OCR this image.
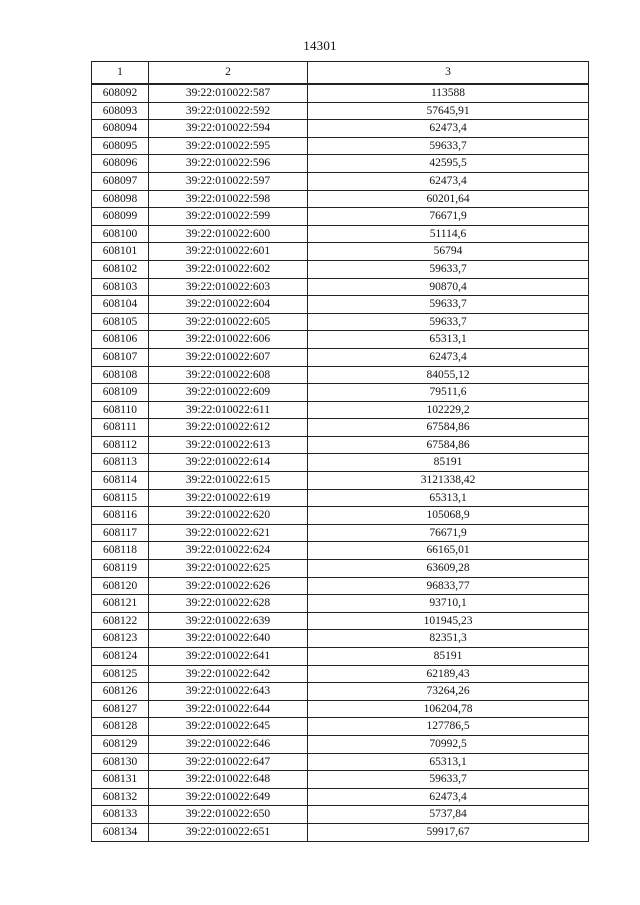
14301
1	2	3
608092	39:22:010022:587	113588
608093	39:22:010022:592	57645,91
608094	39:22:010022:594	62473,4
608095	39:22:010022:595	59633,7
608096	39:22:010022:596	42595,5
608097	39:22:010022:597	62473,4
608098	39:22:010022:598	60201,64
608099	39:22:010022:599	76671,9
608100	39:22:010022:600	51114,6
608101	39:22:010022:601	56794
608102	39:22:010022:602	59633,7
608103	39:22:010022:603	90870,4
608104	39:22:010022:604	59633,7
608105	39:22:010022:605	59633,7
608106	39:22:010022:606	65313,1
608107	39:22:010022:607	62473,4
608108	39:22:010022:608	84055,12
608109	39:22:010022:609	79511,6
608110	39:22:010022:611	102229,2
608111	39:22:010022:612	67584,86
608112	39:22:010022:613	67584,86
608113	39:22:010022:614	85191
608114	39:22:010022:615	3121338,42
608115	39:22:010022:619	65313,1
608116	39:22:010022:620	105068,9
608117	39:22:010022:621	76671,9
608118	39:22:010022:624	66165,01
608119	39:22:010022:625	63609,28
608120	39:22:010022:626	96833,77
608121	39:22:010022:628	93710,1
608122	39:22:010022:639	101945,23
608123	39:22:010022:640	82351,3
608124	39:22:010022:641	85191
608125	39:22:010022:642	62189,43
608126	39:22:010022:643	73264,26
608127	39:22:010022:644	106204,78
608128	39:22:010022:645	127786,5
608129	39:22:010022:646	70992,5
608130	39:22:010022:647	65313,1
608131	39:22:010022:648	59633,7
608132	39:22:010022:649	62473,4
608133	39:22:010022:650	5737,84
608134	39:22:010022:651	59917,67
